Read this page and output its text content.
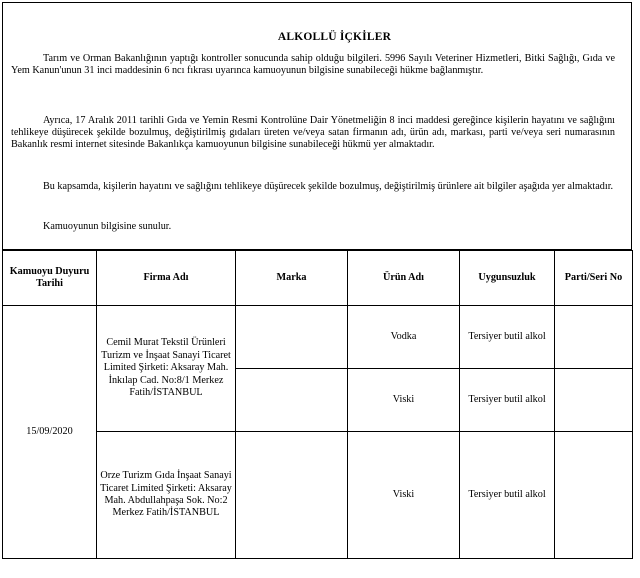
ALKOLLÜ İÇKİLER

Tarım ve Orman Bakanlığının yaptığı kontroller sonucunda sahip olduğu bilgileri. 5996 Sayılı Veteriner Hizmetleri, Bitki Sağlığı, Gıda ve Yem Kanun'unun 31 inci maddesinin 6 ncı fıkrası uyarınca kamuoyunun bilgisine sunabileceği hükme bağlanmıştır.

Ayrıca, 17 Aralık 2011 tarihli Gıda ve Yemin Resmi Kontrolüne Dair Yönetmeliğin 8 inci maddesi gereğince kişilerin hayatını ve sağlığını tehlikeye düşürecek şekilde bozulmuş, değiştirilmiş gıdaları üreten ve/veya satan firmanın adı, ürün adı, markası, parti ve/veya seri numarasının Bakanlık resmi internet sitesinde Bakanlıkça kamuoyunun bilgisine sunabileceği hükmü yer almaktadır.

Bu kapsamda, kişilerin hayatını ve sağlığını tehlikeye düşürecek şekilde bozulmuş, değiştirilmiş ürünlere ait bilgiler aşağıda yer almaktadır.

Kamuoyunun bilgisine sunulur.

Kamuoyu Duyuru Tarihi	Firma Adı	Marka	Ürün Adı	Uygunsuzluk	Parti/Seri No
15/09/2020	Cemil Murat Tekstil Ürünleri Turizm ve İnşaat Sanayi Ticaret Limited Şirketi: Aksaray Mah. İnkılap Cad. No:8/1 Merkez Fatih/İSTANBUL		Vodka	Tersiyer butil alkol	
			Viski	Tersiyer butil alkol	
	Orze Turizm Gıda İnşaat Sanayi Ticaret Limited Şirketi: Aksaray Mah. Abdullahpaşa Sok. No:2 Merkez Fatih/İSTANBUL		Viski	Tersiyer butil alkol	
